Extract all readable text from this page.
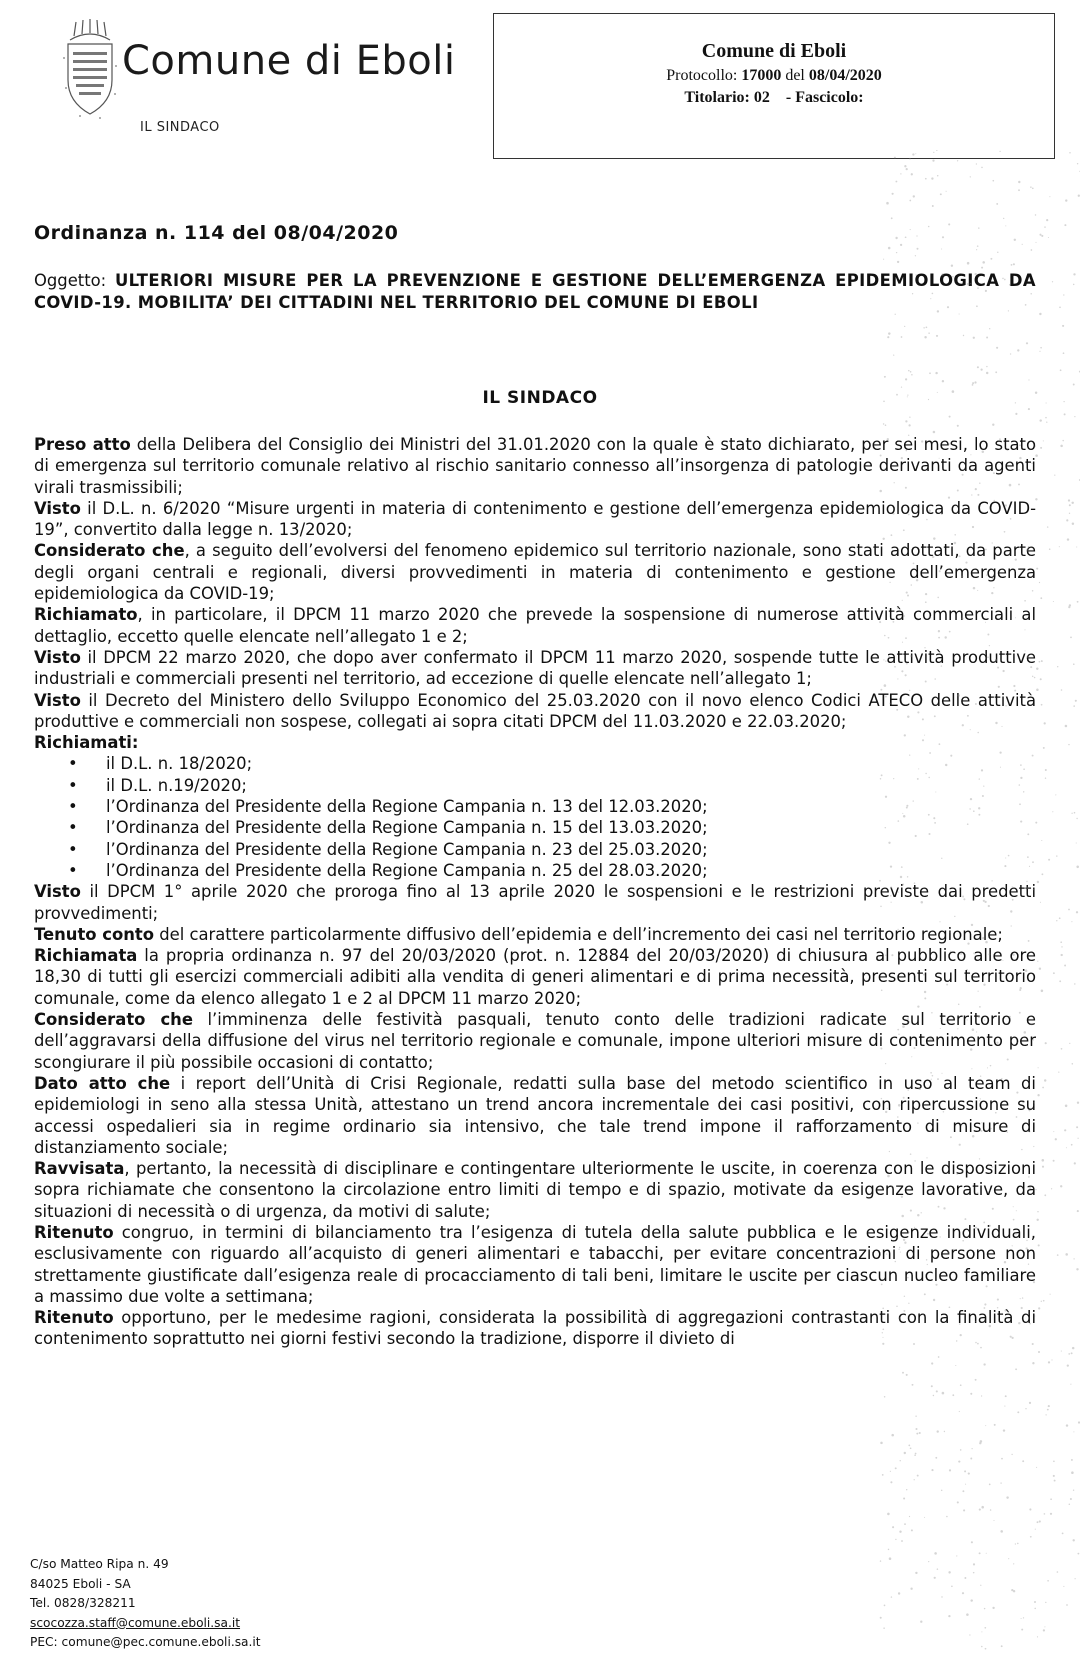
Comune di Eboli
IL SINDACO
Comune di Eboli
Protocollo: 17000 del 08/04/2020
Titolario: 02 - Fascicolo:
Ordinanza n. 114 del 08/04/2020
Oggetto: ULTERIORI MISURE PER LA PREVENZIONE E GESTIONE DELL’EMERGENZA EPIDEMIOLOGICA DA COVID-19. MOBILITA’ DEI CITTADINI NEL TERRITORIO DEL COMUNE DI EBOLI
IL SINDACO

Preso atto della Delibera del Consiglio dei Ministri del 31.01.2020 con la quale è stato dichiarato, per sei mesi, lo stato di emergenza sul territorio comunale relativo al rischio sanitario connesso all’insorgenza di patologie derivanti da agenti virali trasmissibili;

Visto il D.L. n. 6/2020 “Misure urgenti in materia di contenimento e gestione dell’emergenza epidemiologica da COVID-19”, convertito dalla legge n. 13/2020;

Considerato che, a seguito dell’evolversi del fenomeno epidemico sul territorio nazionale, sono stati adottati, da parte degli organi centrali e regionali, diversi provvedimenti in materia di contenimento e gestione dell’emergenza epidemiologica da COVID-19;

Richiamato, in particolare, il DPCM 11 marzo 2020 che prevede la sospensione di numerose attività commerciali al dettaglio, eccetto quelle elencate nell’allegato 1 e 2;

Visto il DPCM 22 marzo 2020, che dopo aver confermato il DPCM 11 marzo 2020, sospende tutte le attività produttive industriali e commerciali presenti nel territorio, ad eccezione di quelle elencate nell’allegato 1;

Visto il Decreto del Ministero dello Sviluppo Economico del 25.03.2020 con il novo elenco Codici ATECO delle attività produttive e commerciali non sospese, collegati ai sopra citati DPCM del 11.03.2020 e 22.03.2020;

Richiamati:

• il D.L. n. 18/2020;
• il D.L. n.19/2020;
• l’Ordinanza del Presidente della Regione Campania n. 13 del 12.03.2020;
• l’Ordinanza del Presidente della Regione Campania n. 15 del 13.03.2020;
• l’Ordinanza del Presidente della Regione Campania n. 23 del 25.03.2020;
• l’Ordinanza del Presidente della Regione Campania n. 25 del 28.03.2020;

Visto il DPCM 1° aprile 2020 che proroga fino al 13 aprile 2020 le sospensioni e le restrizioni previste dai predetti provvedimenti;

Tenuto conto del carattere particolarmente diffusivo dell’epidemia e dell’incremento dei casi nel territorio regionale;

Richiamata la propria ordinanza n. 97 del 20/03/2020 (prot. n. 12884 del 20/03/2020) di chiusura al pubblico alle ore 18,30 di tutti gli esercizi commerciali adibiti alla vendita di generi alimentari e di prima necessità, presenti sul territorio comunale, come da elenco allegato 1 e 2 al DPCM 11 marzo 2020;

Considerato che l’imminenza delle festività pasquali, tenuto conto delle tradizioni radicate sul territorio e dell’aggravarsi della diffusione del virus nel territorio regionale e comunale, impone ulteriori misure di contenimento per scongiurare il più possibile occasioni di contatto;

Dato atto che i report dell’Unità di Crisi Regionale, redatti sulla base del metodo scientifico in uso al team di epidemiologi in seno alla stessa Unità, attestano un trend ancora incrementale dei casi positivi, con ripercussione su accessi ospedalieri sia in regime ordinario sia intensivo, che tale trend impone il rafforzamento di misure di distanziamento sociale;

Ravvisata, pertanto, la necessità di disciplinare e contingentare ulteriormente le uscite, in coerenza con le disposizioni sopra richiamate che consentono la circolazione entro limiti di tempo e di spazio, motivate da esigenze lavorative, da situazioni di necessità o di urgenza, da motivi di salute;

Ritenuto congruo, in termini di bilanciamento tra l’esigenza di tutela della salute pubblica e le esigenze individuali, esclusivamente con riguardo all’acquisto di generi alimentari e tabacchi, per evitare concentrazioni di persone non strettamente giustificate dall’esigenza reale di procacciamento di tali beni, limitare le uscite per ciascun nucleo familiare a massimo due volte a settimana;

Ritenuto opportuno, per le medesime ragioni, considerata la possibilità di aggregazioni contrastanti con la finalità di contenimento soprattutto nei giorni festivi secondo la tradizione, disporre il divieto di

C/so Matteo Ripa n. 49
84025 Eboli - SA
Tel. 0828/328211
scocozza.staff@comune.eboli.sa.it
PEC: comune@pec.comune.eboli.sa.it
